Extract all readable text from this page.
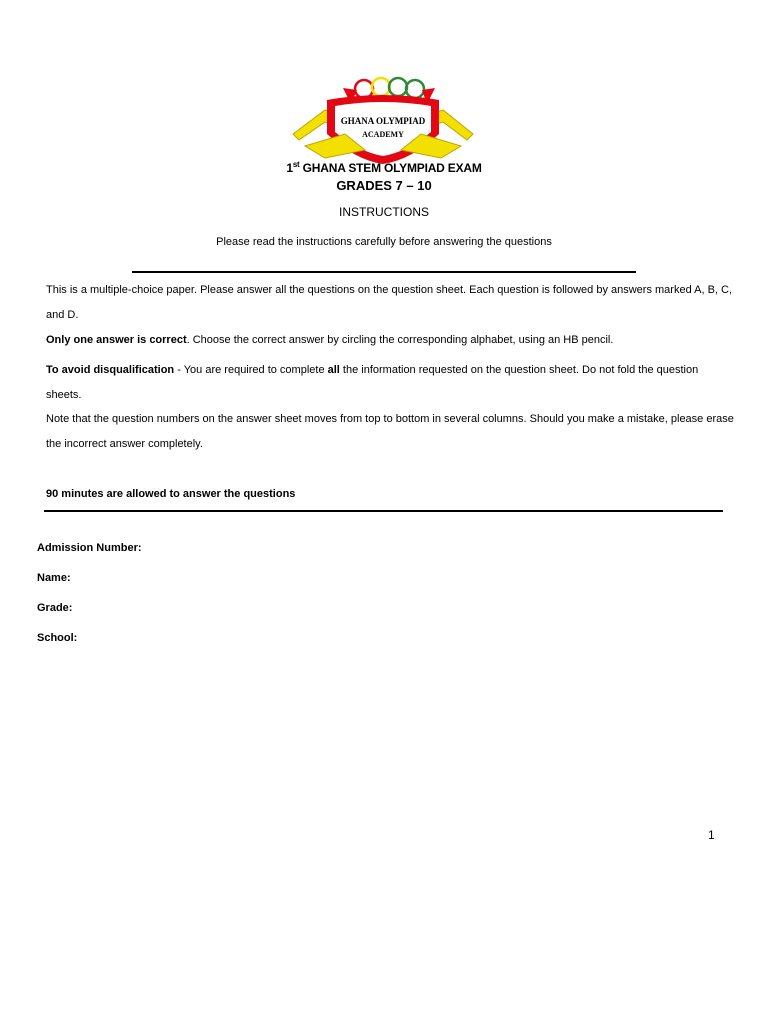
GHANA OLYMPIAD
ACADEMY
1st GHANA STEM OLYMPIAD EXAM
GRADES 7 – 10
INSTRUCTIONS
Please read the instructions carefully before answering the questions
This is a multiple-choice paper. Please answer all the questions on the question sheet. Each question is followed by answers marked A, B, C, and D.
Only one answer is correct. Choose the correct answer by circling the corresponding alphabet, using an HB pencil.
To avoid disqualification - You are required to complete all the information requested on the question sheet. Do not fold the question sheets.
Note that the question numbers on the answer sheet moves from top to bottom in several columns. Should you make a mistake, please erase the incorrect answer completely.
90 minutes are allowed to answer the questions
Admission Number:
Name:
Grade:
School:
1
